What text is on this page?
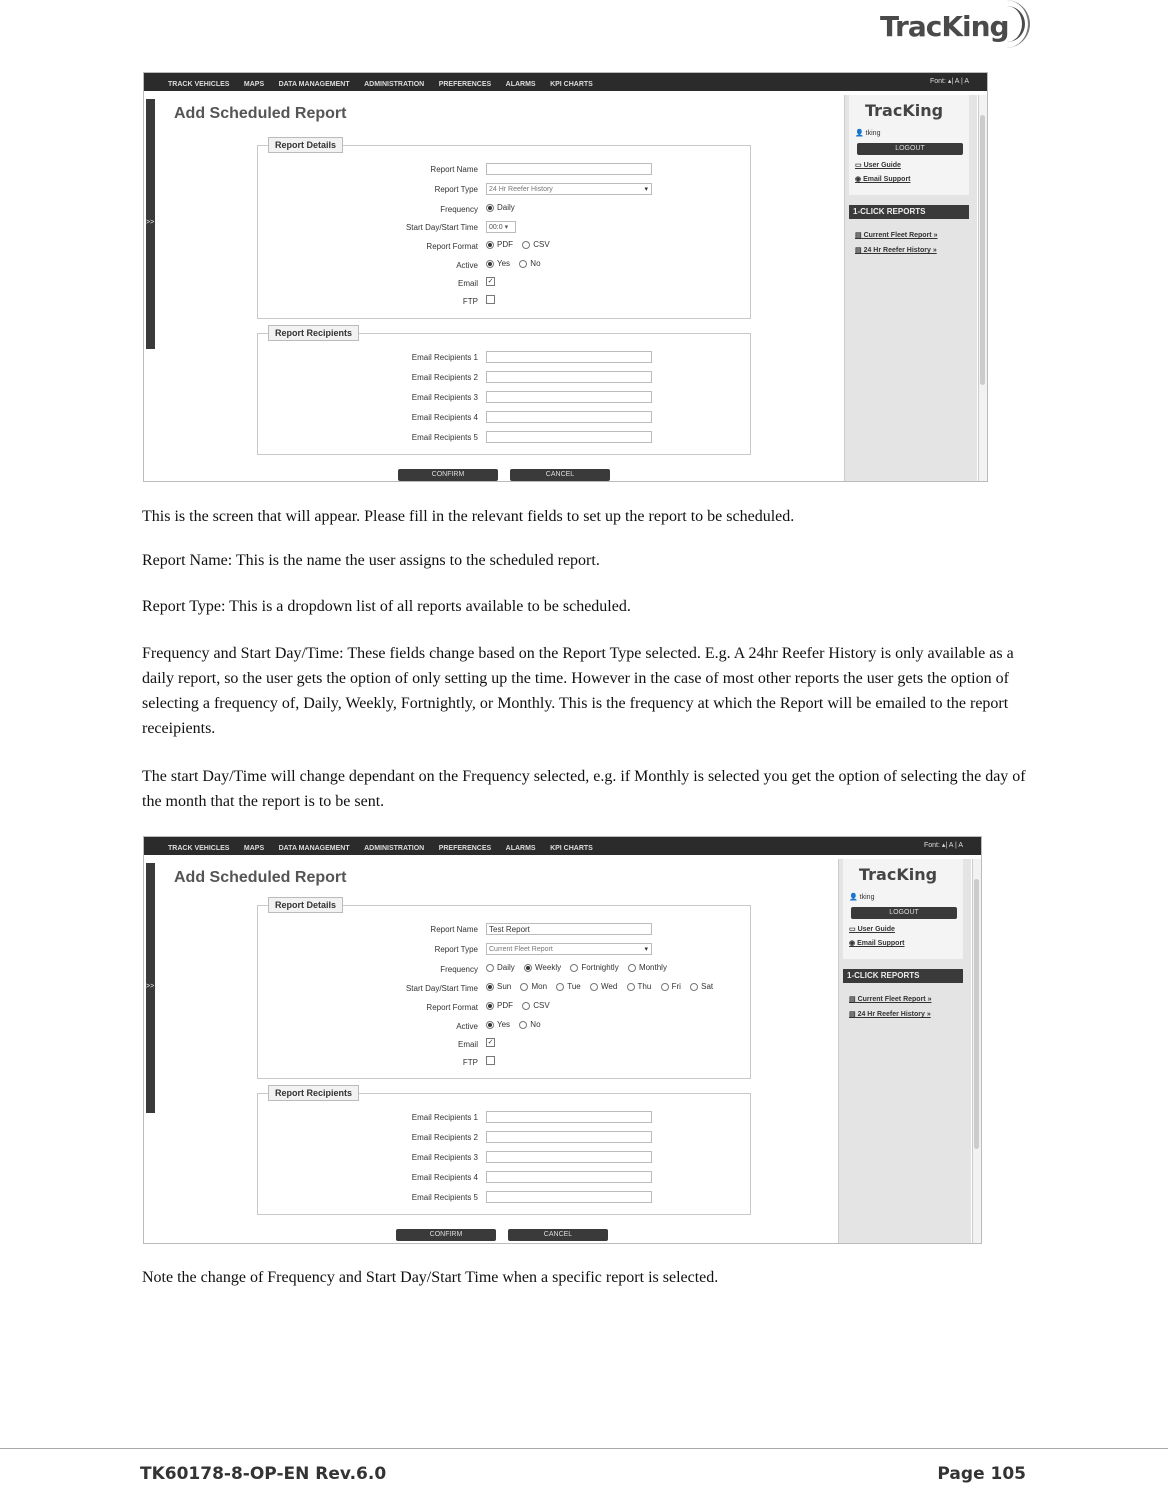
TracKing
TRACK VEHICLES MAPS DATA MANAGEMENT ADMINISTRATION PREFERENCES ALARMS KPI CHARTS	Font: ▴| A | A
>>
Add Scheduled Report
Report Details
Report Name
Report Type	24 Hr Reefer History	▾
Frequency	Daily
Start Day/Start Time	00:0 ▾
Report Format	PDF	CSV
Active	Yes	No
Email ✓
FTP
Report Recipients
Email Recipients 1
Email Recipients 2
Email Recipients 3
Email Recipients 4
Email Recipients 5
CONFIRM	CANCEL
TracKing
👤 tking
LOGOUT
▭ User Guide
◉ Email Support
1-CLICK REPORTS
▤ Current Fleet Report »
▤ 24 Hr Reefer History »

This is the screen that will appear. Please fill in the relevant fields to set up the report to be scheduled.

Report Name: This is the name the user assigns to the scheduled report.

Report Type: This is a dropdown list of all reports available to be scheduled.

Frequency and Start Day/Time: These fields change based on the Report Type selected. E.g. A 24hr Reefer History is only available as a daily report, so the user gets the option of only setting up the time. However in the case of most other reports the user gets the option of selecting a frequency of, Daily, Weekly, Fortnightly, or Monthly. This is the frequency at which the Report will be emailed to the report receipients.

The start Day/Time will change dependant on the Frequency selected, e.g. if Monthly is selected you get the option of selecting the day of the month that the report is to be sent.

TRACK VEHICLES MAPS DATA MANAGEMENT ADMINISTRATION PREFERENCES ALARMS KPI CHARTS	Font: ▴| A | A
>>
Add Scheduled Report
Report Details
Report Name	Test Report
Report Type	Current Fleet Report	▾
Frequency	Daily	Weekly	Fortnightly	Monthly
Start Day/Start Time	Sun	Mon	Tue	Wed	Thu	Fri	Sat
Report Format	PDF	CSV
Active	Yes	No
Email ✓
FTP
Report Recipients
Email Recipients 1
Email Recipients 2
Email Recipients 3
Email Recipients 4
Email Recipients 5
CONFIRM	CANCEL
TracKing
👤 tking
LOGOUT
▭ User Guide
◉ Email Support
1-CLICK REPORTS
▤ Current Fleet Report »
▤ 24 Hr Reefer History »

Note the change of Frequency and Start Day/Start Time when a specific report is selected.

TK60178-8-OP-EN Rev.6.0	Page 105
